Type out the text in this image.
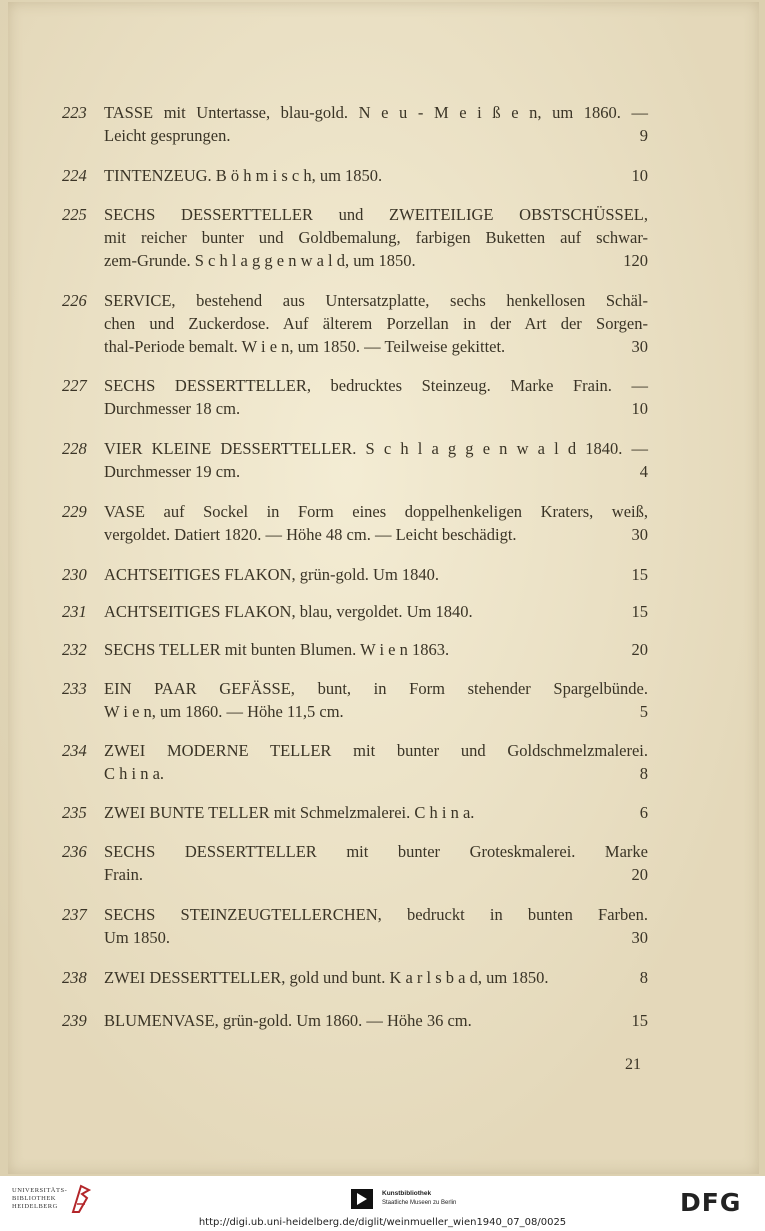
223	TASSE mit Untertasse, blau-gold. N e u - M e i ß e n, um 1860. —
Leicht gesprungen.	9
224	TINTENZEUG. B ö h m i s c h, um 1850.	10
225	SECHS DESSERTTELLER und ZWEITEILIGE OBSTSCHÜSSEL,
mit reicher bunter und Goldbemalung, farbigen Buketten auf schwar-
zem-Grunde. S c h l a g g e n w a l d, um 1850.	120
226	SERVICE, bestehend aus Untersatzplatte, sechs henkellosen Schäl-
chen und Zuckerdose. Auf älterem Porzellan in der Art der Sorgen-
thal-Periode bemalt. W i e n, um 1850. — Teilweise gekittet.	30
227	SECHS DESSERTTELLER, bedrucktes Steinzeug. Marke Frain. —
Durchmesser 18 cm.	10
228	VIER KLEINE DESSERTTELLER. S c h l a g g e n w a l d 1840. —
Durchmesser 19 cm.	4
229	VASE auf Sockel in Form eines doppelhenkeligen Kraters, weiß,
vergoldet. Datiert 1820. — Höhe 48 cm. — Leicht beschädigt.	30
230	ACHTSEITIGES FLAKON, grün-gold. Um 1840.	15
231	ACHTSEITIGES FLAKON, blau, vergoldet. Um 1840.	15
232	SECHS TELLER mit bunten Blumen. W i e n 1863.	20
233	EIN PAAR GEFÄSSE, bunt, in Form stehender Spargelbünde.
W i e n, um 1860. — Höhe 11,5 cm.	5
234	ZWEI MODERNE TELLER mit bunter und Goldschmelzmalerei.
C h i n a.	8
235	ZWEI BUNTE TELLER mit Schmelzmalerei. C h i n a.	6
236	SECHS DESSERTTELLER mit bunter Groteskmalerei. Marke
Frain.	20
237	SECHS STEINZEUGTELLERCHEN, bedruckt in bunten Farben.
Um 1850.	30
238	ZWEI DESSERTTELLER, gold und bunt. K a r l s b a d, um 1850.	8
239	BLUMENVASE, grün-gold. Um 1860. — Höhe 36 cm.	15
21
UNIVERSITÄTS-
BIBLIOTHEK
HEIDELBERG
Kunstbibliothek
Staatliche Museen zu Berlin	DFG
http://digi.ub.uni-heidelberg.de/diglit/weinmueller_wien1940_07_08/0025
